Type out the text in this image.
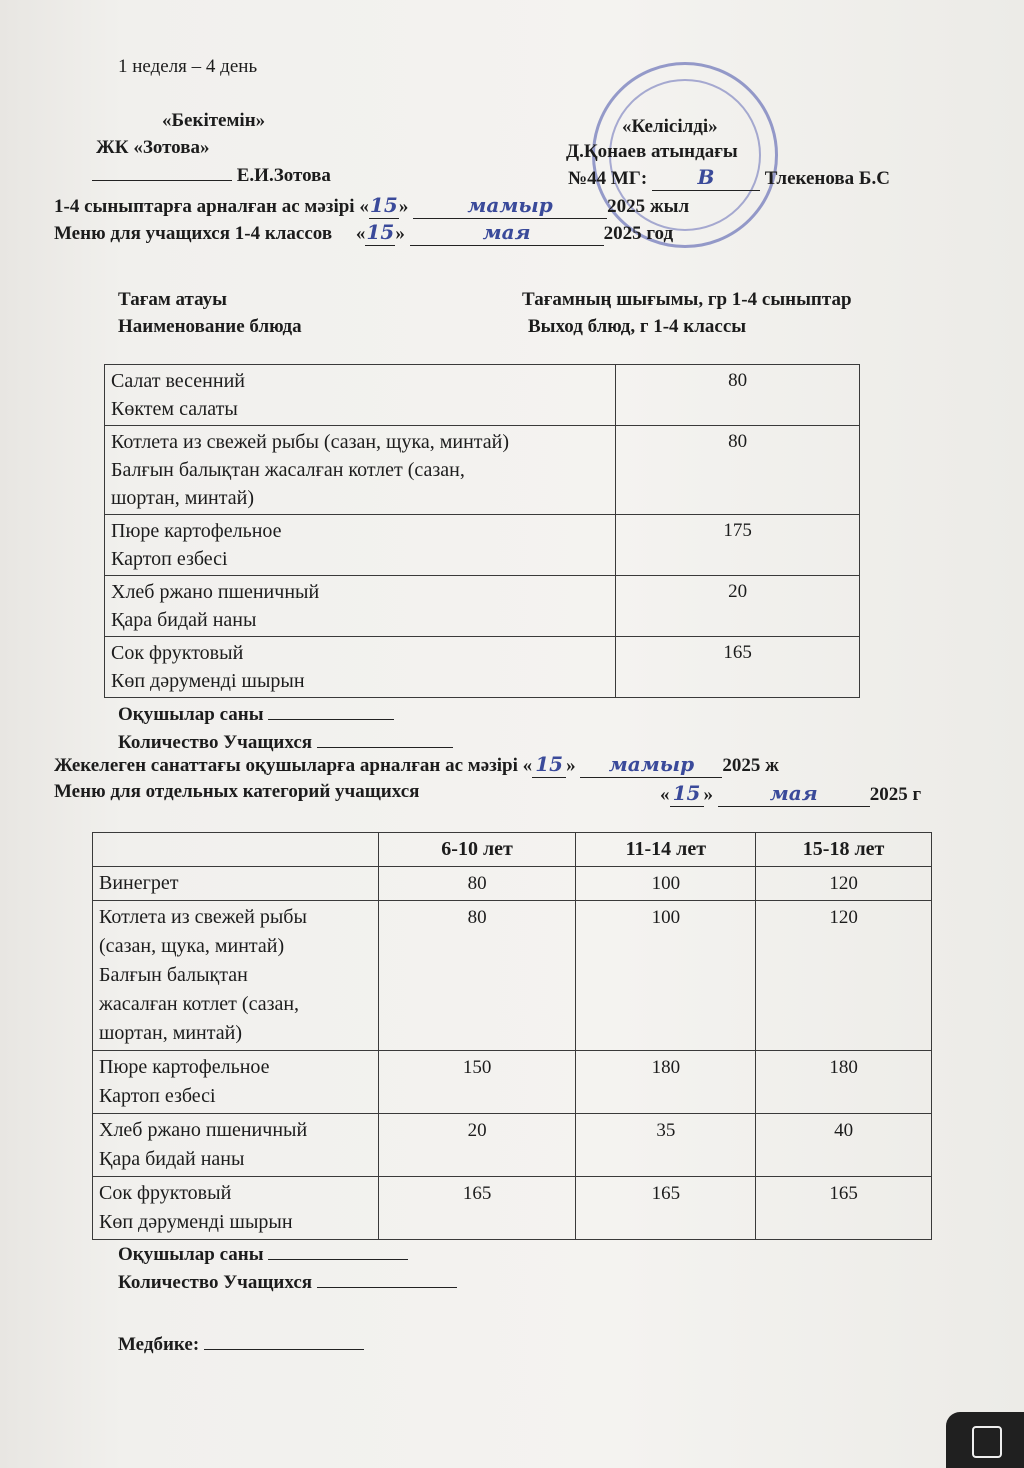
1 неделя – 4 день
«Бекітемін»
ЖК «Зотова»
Е.И.Зотова
«Келісілді»
Д.Қонаев атындағы
№44 МГ:	B	Тлекенова Б.С
1-4 сыныптарға арналған ас мәзірі «15»	мамыр	2025 жыл
Меню для учащихся 1-4 классов     «15»	мая	2025 год
Тағам атауы
Наименование блюда
Тағамның шығымы, гр 1-4 сыныптар
Выход блюд, г 1-4 классы
Салат весенний
Көктем салаты	80
Котлета из свежей рыбы (сазан, щука, минтай)
Балғын балықтан жасалған котлет (сазан,
шортан, минтай)	80
Пюре картофельное
Картоп езбесі	175
Хлеб ржано пшеничный
Қара бидай наны	20
Сок фруктовый
Көп дәруменді шырын	165
Оқушылар саны
Количество Учащихся
Жекелеген санаттағы оқушыларға арналған ас мәзірі « 15 » мамыр 2025 ж
Меню для отдельных категорий учащихся	« 15 »	мая	2025 г
	6-10 лет	11-14 лет	15-18 лет
Винегрет	80	100	120
Котлета из свежей рыбы
(сазан, щука, минтай)
Балғын балықтан
жасалған котлет (сазан,
шортан, минтай)	80	100	120
Пюре картофельное
Картоп езбесі	150	180	180
Хлеб ржано пшеничный
Қара бидай наны	20	35	40
Сок фруктовый
Көп дәруменді шырын	165	165	165
Оқушылар саны
Количество Учащихся
Медбике:
